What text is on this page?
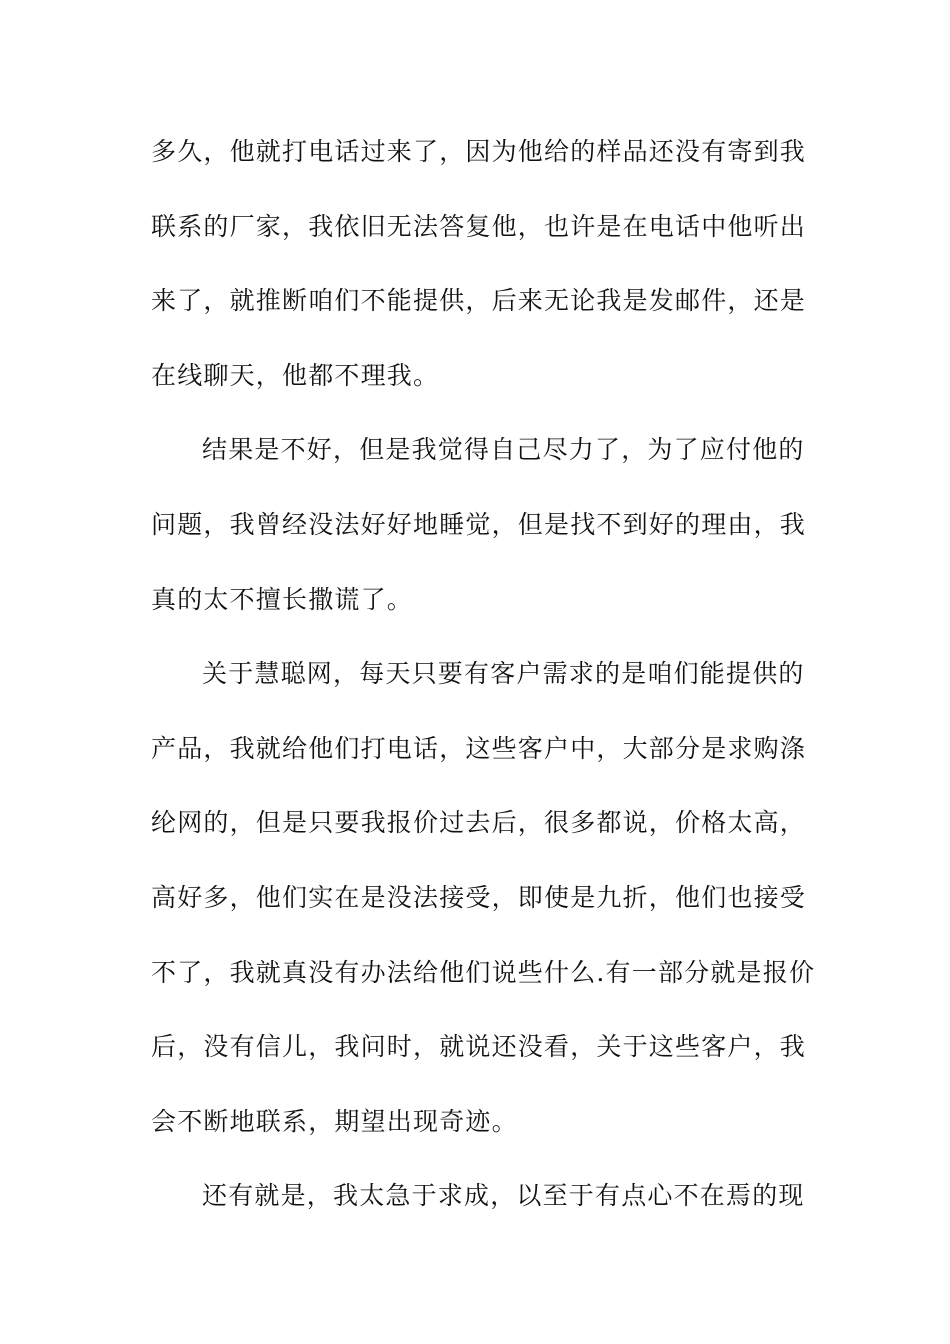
多久，他就打电话过来了，因为他给的样品还没有寄到我
联系的厂家，我依旧无法答复他，也许是在电话中他听出
来了，就推断咱们不能提供，后来无论我是发邮件，还是
在线聊天，他都不理我。
结果是不好，但是我觉得自己尽力了，为了应付他的
问题，我曾经没法好好地睡觉，但是找不到好的理由，我
真的太不擅长撒谎了。
关于慧聪网，每天只要有客户需求的是咱们能提供的
产品，我就给他们打电话，这些客户中，大部分是求购涤
纶网的，但是只要我报价过去后，很多都说，价格太高，
高好多，他们实在是没法接受，即使是九折，他们也接受
不了，我就真没有办法给他们说些什么.有一部分就是报价
后，没有信儿，我问时，就说还没看，关于这些客户，我
会不断地联系，期望出现奇迹。
还有就是，我太急于求成，以至于有点心不在焉的现
